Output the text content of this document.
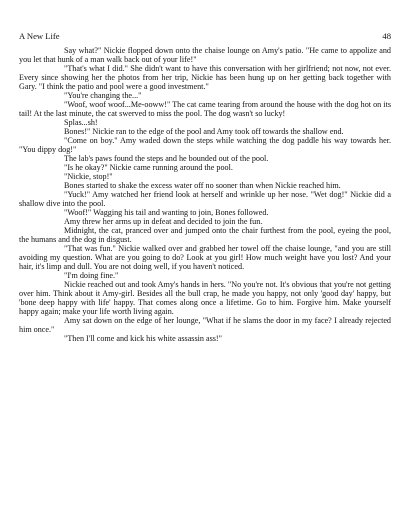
A New Life	48

Say what?" Nickie flopped down onto the chaise lounge on Amy's patio. "He came to appolize and you let that hunk of a man walk back out of your life!"

"That's what I did." She didn't want to have this conversation with her girlfriend; not now, not ever. Every since showing her the photos from her trip, Nickie has been hung up on her getting back together with Gary. "I think the patio and pool were a good investment."

"You're changing the..."

"Woof, woof woof...Me-ooww!" The cat came tearing from around the house with the dog hot on its tail! At the last minute, the cat swerved to miss the pool. The dog wasn't so lucky!

Splas...sh!

Bones!" Nickie ran to the edge of the pool and Amy took off towards the shallow end.

"Come on boy." Amy waded down the steps while watching the dog paddle his way towards her. "You dippy dog!"

The lab's paws found the steps and he bounded out of the pool.

"Is he okay?" Nickie came running around the pool.

"Nickie, stop!"

Bones started to shake the excess water off no sooner than when Nickie reached him.

"Yuck!" Amy watched her friend look at herself and wrinkle up her nose. "Wet dog!" Nickie did a shallow dive into the pool.

"Woof!" Wagging his tail and wanting to join, Bones followed.

Amy threw her arms up in defeat and decided to join the fun.

Midnight, the cat, pranced over and jumped onto the chair furthest from the pool, eyeing the pool, the humans and the dog in disgust.

"That was fun." Nickie walked over and grabbed her towel off the chaise lounge, "and you are still avoiding my question. What are you going to do? Look at you girl! How much weight have you lost? And your hair, it's limp and dull. You are not doing well, if you haven't noticed.

"I'm doing fine."

Nickie reached out and took Amy's hands in hers. "No you're not. It's obvious that you're not getting over him. Think about it Amy-girl. Besides all the bull crap, he made you happy, not only 'good day' happy, but 'bone deep happy with life' happy. That comes along once a lifetime. Go to him. Forgive him. Make yourself happy again; make your life worth living again.

Amy sat down on the edge of her lounge, "What if he slams the door in my face? I already rejected him once."

"Then I'll come and kick his white assassin ass!"
